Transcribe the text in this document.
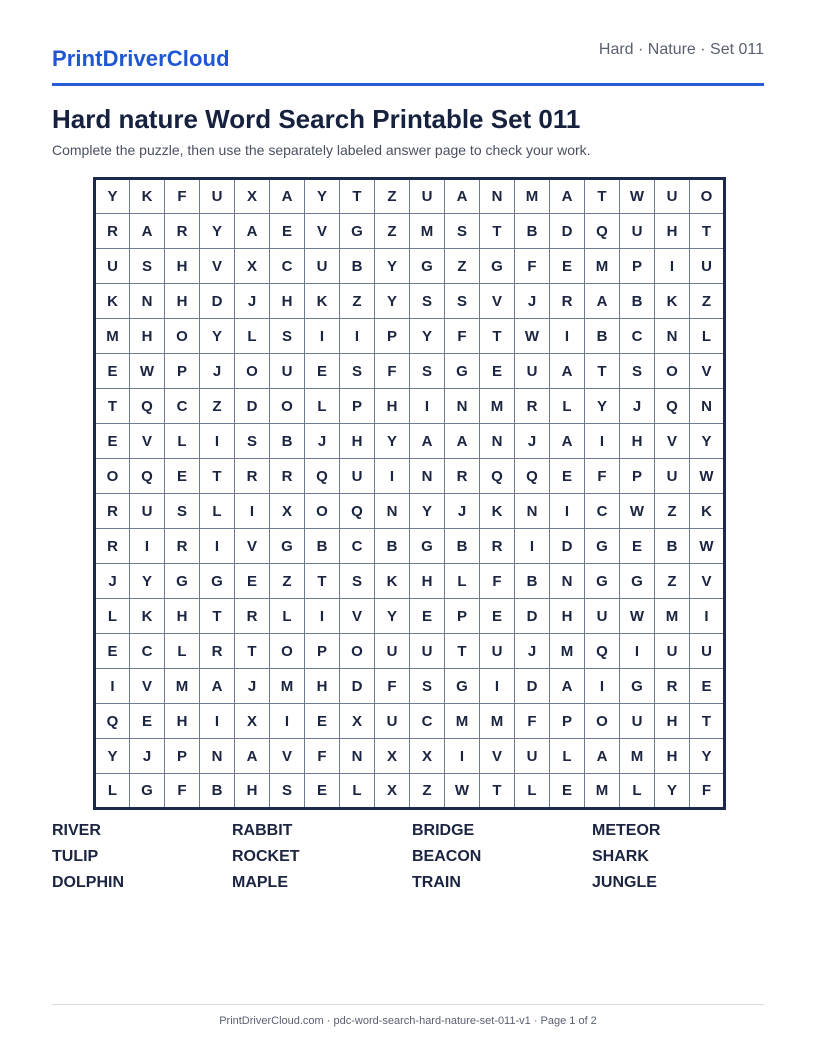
PrintDriverCloud	Hard · Nature · Set 011
Hard nature Word Search Printable Set 011

Complete the puzzle, then use the separately labeled answer page to check your work.

Y	K	F	U	X	A	Y	T	Z	U	A	N	M	A	T	W	U	O
R	A	R	Y	A	E	V	G	Z	M	S	T	B	D	Q	U	H	T
U	S	H	V	X	C	U	B	Y	G	Z	G	F	E	M	P	I	U
K	N	H	D	J	H	K	Z	Y	S	S	V	J	R	A	B	K	Z
M	H	O	Y	L	S	I	I	P	Y	F	T	W	I	B	C	N	L
E	W	P	J	O	U	E	S	F	S	G	E	U	A	T	S	O	V
T	Q	C	Z	D	O	L	P	H	I	N	M	R	L	Y	J	Q	N
E	V	L	I	S	B	J	H	Y	A	A	N	J	A	I	H	V	Y
O	Q	E	T	R	R	Q	U	I	N	R	Q	Q	E	F	P	U	W
R	U	S	L	I	X	O	Q	N	Y	J	K	N	I	C	W	Z	K
R	I	R	I	V	G	B	C	B	G	B	R	I	D	G	E	B	W
J	Y	G	G	E	Z	T	S	K	H	L	F	B	N	G	G	Z	V
L	K	H	T	R	L	I	V	Y	E	P	E	D	H	U	W	M	I
E	C	L	R	T	O	P	O	U	U	T	U	J	M	Q	I	U	U
I	V	M	A	J	M	H	D	F	S	G	I	D	A	I	G	R	E
Q	E	H	I	X	I	E	X	U	C	M	M	F	P	O	U	H	T
Y	J	P	N	A	V	F	N	X	X	I	V	U	L	A	M	H	Y
L	G	F	B	H	S	E	L	X	Z	W	T	L	E	M	L	Y	F
RIVER	RABBIT	BRIDGE	METEOR
TULIP	ROCKET	BEACON	SHARK
DOLPHIN	MAPLE	TRAIN	JUNGLE
PrintDriverCloud.com · pdc-word-search-hard-nature-set-011-v1 · Page 1 of 2
